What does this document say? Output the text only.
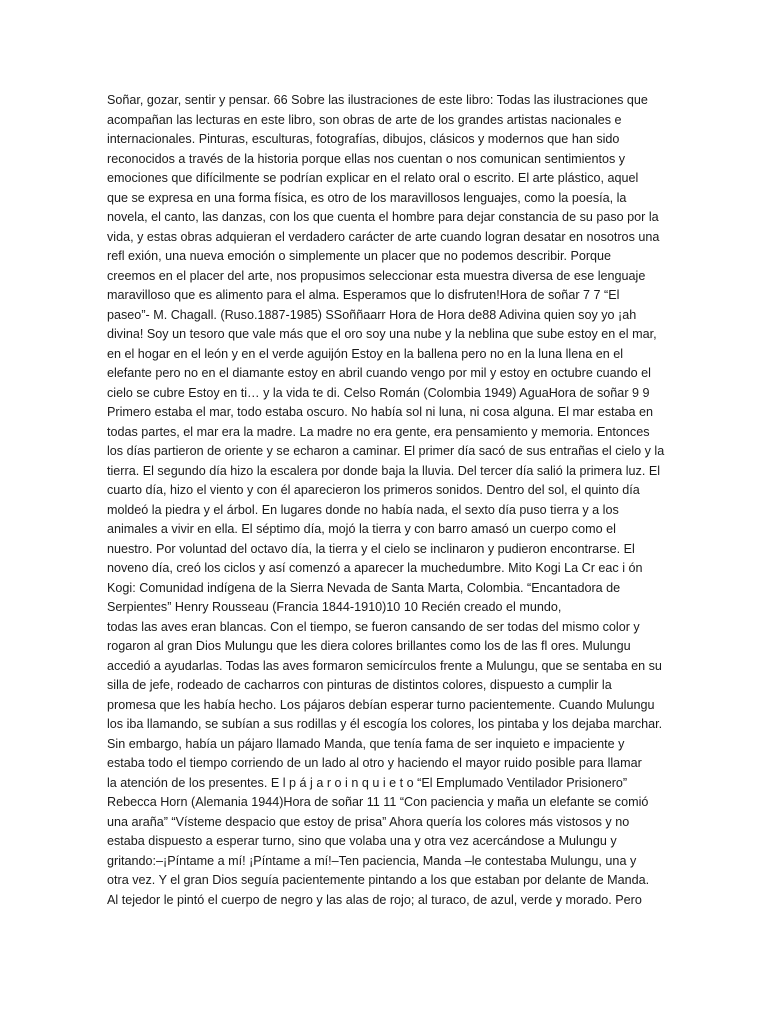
Soñar, gozar, sentir y pensar. 66 Sobre las ilustraciones de este libro: Todas las ilustraciones que
acompañan las lecturas en este libro, son obras de arte de los grandes artistas nacionales e
internacionales. Pinturas, esculturas, fotografías, dibujos, clásicos y modernos que han sido
reconocidos a través de la historia porque ellas nos cuentan o nos comunican sentimientos y
emociones que difícilmente se podrían explicar en el relato oral o escrito. El arte plástico, aquel
que se expresa en una forma física, es otro de los maravillosos lenguajes, como la poesía, la
novela, el canto, las danzas, con los que cuenta el hombre para dejar constancia de su paso por la
vida, y estas obras adquieran el verdadero carácter de arte cuando logran desatar en nosotros una
refl exión, una nueva emoción o simplemente un placer que no podemos describir. Porque
creemos en el placer del arte, nos propusimos seleccionar esta muestra diversa de ese lenguaje
maravilloso que es alimento para el alma. Esperamos que lo disfruten!Hora de soñar 7 7 “El
paseo”- M. Chagall. (Ruso.1887-1985) SSoññaarr Hora de Hora de88 Adivina quien soy yo ¡ah
divina! Soy un tesoro que vale más que el oro soy una nube y la neblina que sube estoy en el mar,
en el hogar en el león y en el verde aguijón Estoy en la ballena pero no en la luna llena en el
elefante pero no en el diamante estoy en abril cuando vengo por mil y estoy en octubre cuando el
cielo se cubre Estoy en ti… y la vida te di. Celso Román (Colombia 1949) AguaHora de soñar 9 9
Primero estaba el mar, todo estaba oscuro. No había sol ni luna, ni cosa alguna. El mar estaba en
todas partes, el mar era la madre. La madre no era gente, era pensamiento y memoria. Entonces
los días partieron de oriente y se echaron a caminar. El primer día sacó de sus entrañas el cielo y la
tierra. El segundo día hizo la escalera por donde baja la lluvia. Del tercer día salió la primera luz. El
cuarto día, hizo el viento y con él aparecieron los primeros sonidos. Dentro del sol, el quinto día
moldeó la piedra y el árbol. En lugares donde no había nada, el sexto día puso tierra y a los
animales a vivir en ella. El séptimo día, mojó la tierra y con barro amasó un cuerpo como el
nuestro. Por voluntad del octavo día, la tierra y el cielo se inclinaron y pudieron encontrarse. El
noveno día, creó los ciclos y así comenzó a aparecer la muchedumbre. Mito Kogi La Cr eac i ón
Kogi: Comunidad indígena de la Sierra Nevada de Santa Marta, Colombia. “Encantadora de
Serpientes” Henry Rousseau (Francia 1844-1910)10 10 Recién creado el mundo,
todas las aves eran blancas. Con el tiempo, se fueron cansando de ser todas del mismo color y
rogaron al gran Dios Mulungu que les diera colores brillantes como los de las fl ores. Mulungu
accedió a ayudarlas. Todas las aves formaron semicírculos frente a Mulungu, que se sentaba en su
silla de jefe, rodeado de cacharros con pinturas de distintos colores, dispuesto a cumplir la
promesa que les había hecho. Los pájaros debían esperar turno pacientemente. Cuando Mulungu
los iba llamando, se subían a sus rodillas y él escogía los colores, los pintaba y los dejaba marchar.
Sin embargo, había un pájaro llamado Manda, que tenía fama de ser inquieto e impaciente y
estaba todo el tiempo corriendo de un lado al otro y haciendo el mayor ruido posible para llamar
la atención de los presentes. E l p á j a r o i n q u i e t o “El Emplumado Ventilador Prisionero”
Rebecca Horn (Alemania 1944)Hora de soñar 11 11 “Con paciencia y maña un elefante se comió
una araña” “Vísteme despacio que estoy de prisa” Ahora quería los colores más vistosos y no
estaba dispuesto a esperar turno, sino que volaba una y otra vez acercándose a Mulungu y
gritando:–¡Píntame a mí! ¡Píntame a mí!–Ten paciencia, Manda –le contestaba Mulungu, una y
otra vez. Y el gran Dios seguía pacientemente pintando a los que estaban por delante de Manda.
Al tejedor le pintó el cuerpo de negro y las alas de rojo; al turaco, de azul, verde y morado. Pero
